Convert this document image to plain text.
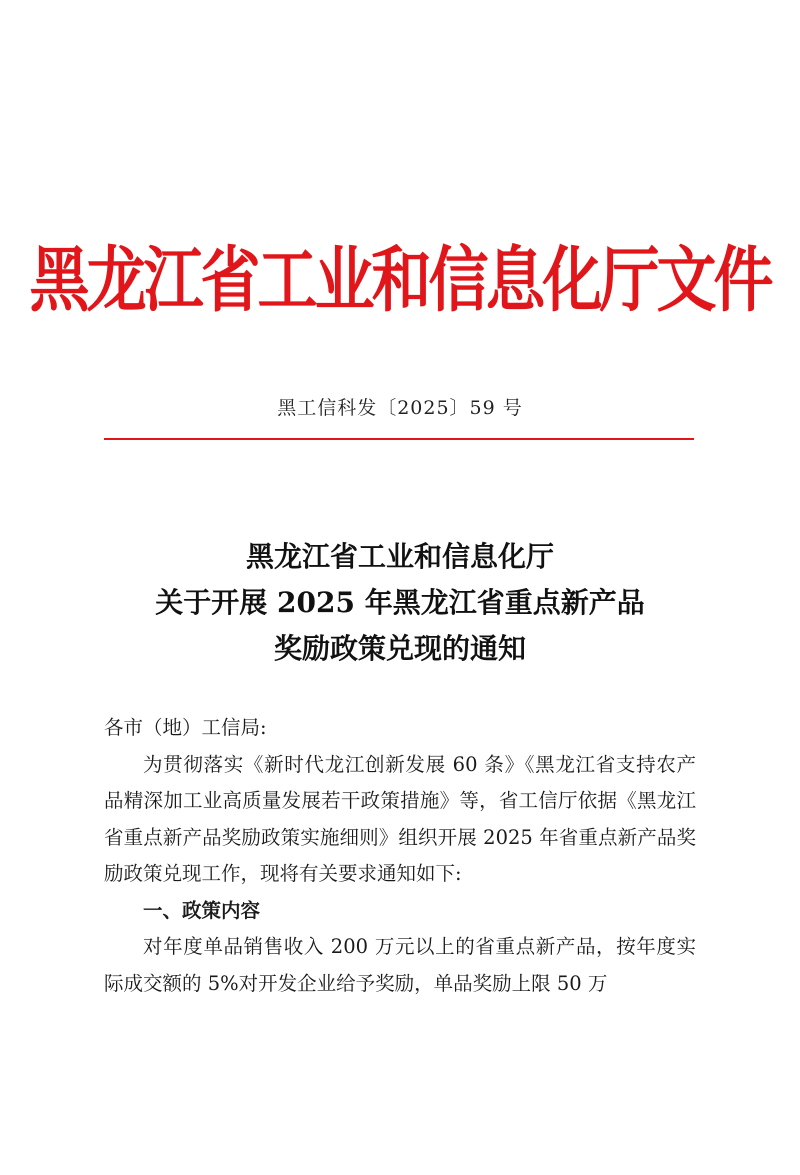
黑龙江省工业和信息化厅文件
黑工信科发〔2025〕59 号
黑龙江省工业和信息化厅
关于开展 2025 年黑龙江省重点新产品
奖励政策兑现的通知

各市（地）工信局:

为贯彻落实《新时代龙江创新发展 60 条》《黑龙江省支持农产品精深加工业高质量发展若干政策措施》等，省工信厅依据《黑龙江省重点新产品奖励政策实施细则》组织开展 2025 年省重点新产品奖励政策兑现工作，现将有关要求通知如下:

一、政策内容

对年度单品销售收入 200 万元以上的省重点新产品，按年度实际成交额的 5%对开发企业给予奖励，单品奖励上限 50 万
